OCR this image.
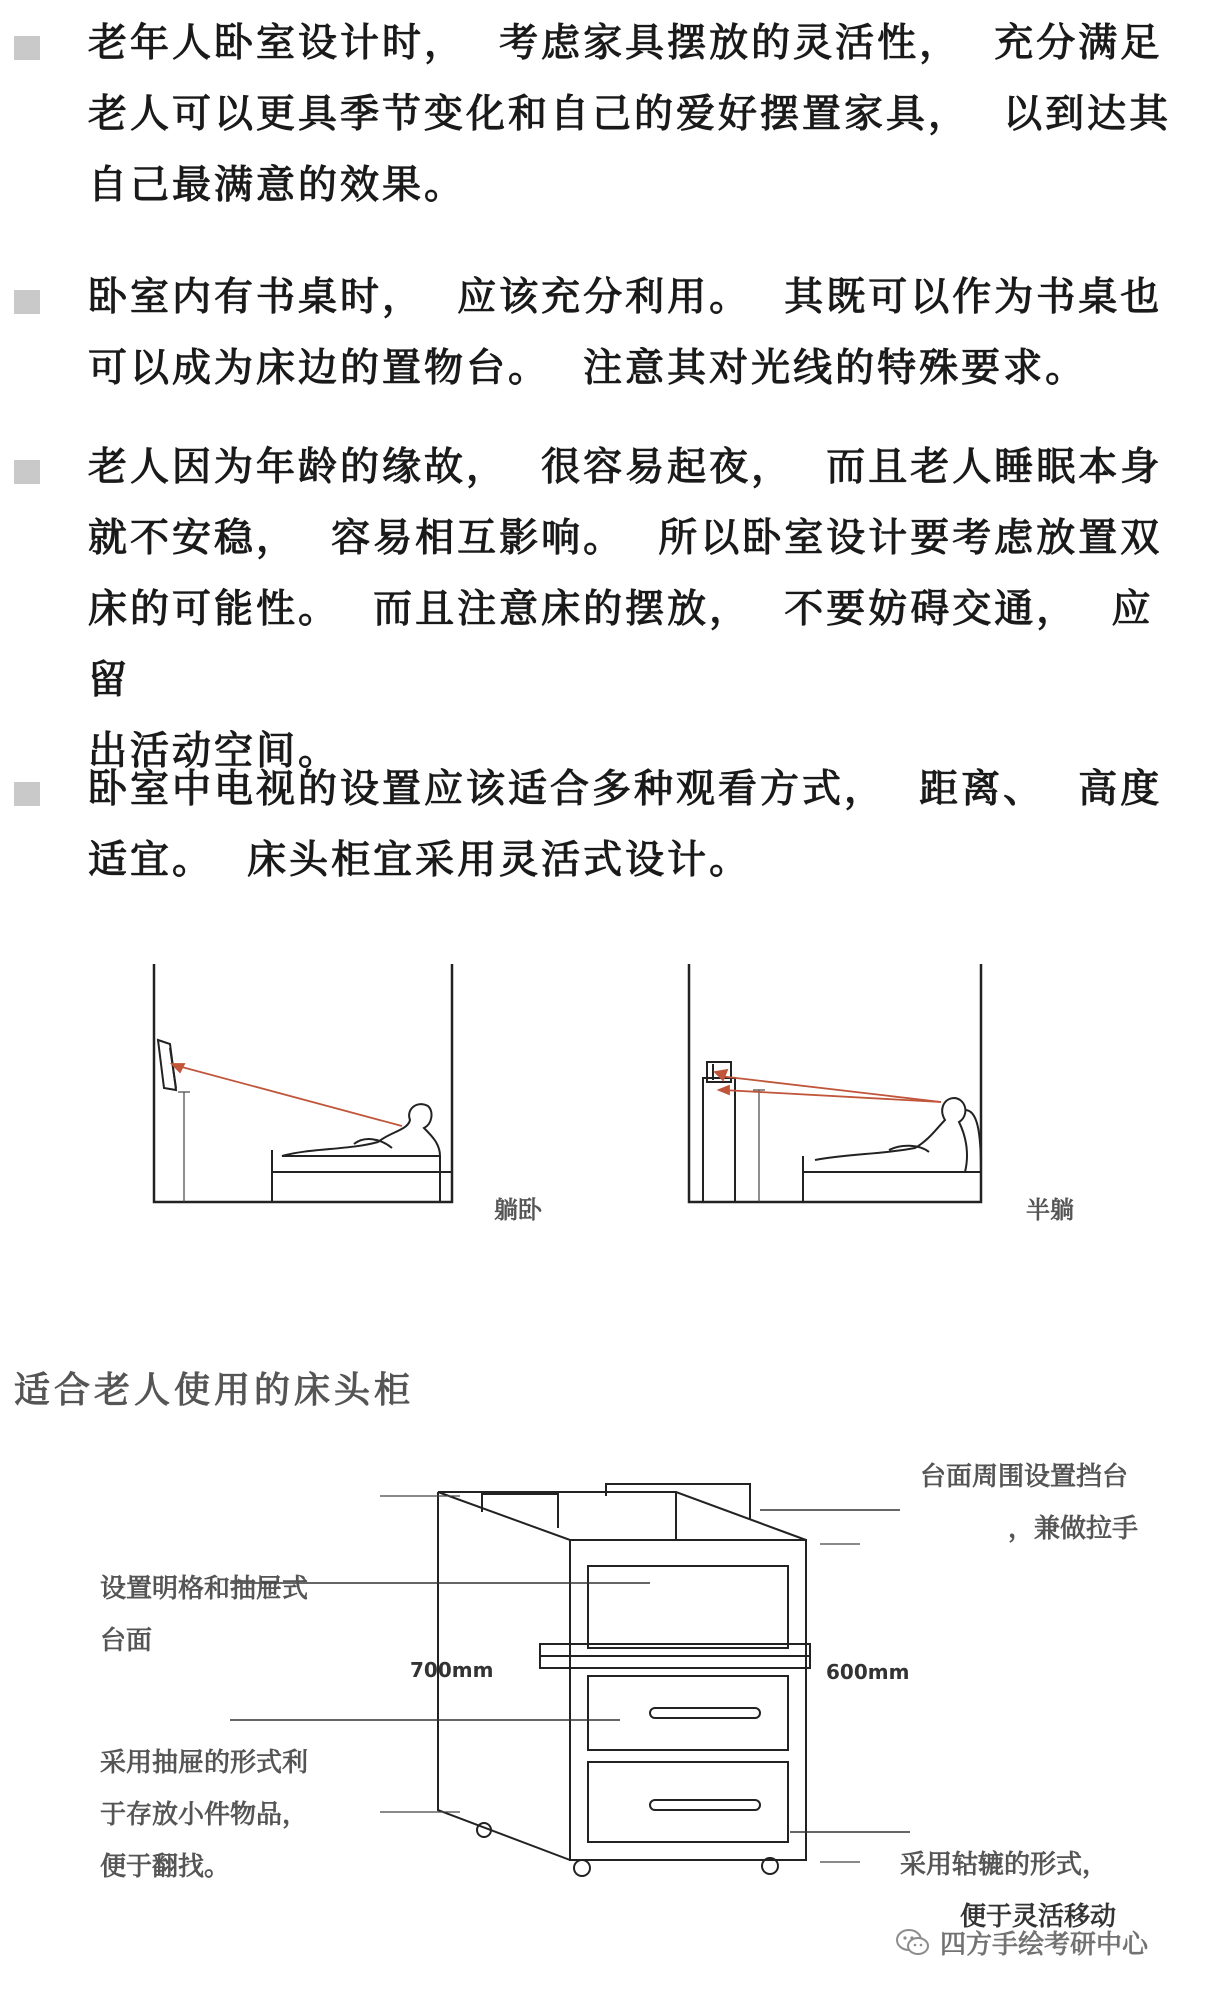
老年人卧室设计时，  考虑家具摆放的灵活性，  充分满足
老人可以更具季节变化和自己的爱好摆置家具，  以到达其
自己最满意的效果。
卧室内有书桌时，  应该充分利用。  其既可以作为书桌也
可以成为床边的置物台。  注意其对光线的特殊要求。
老人因为年龄的缘故，  很容易起夜，  而且老人睡眠本身
就不安稳，  容易相互影响。  所以卧室设计要考虑放置双
床的可能性。  而且注意床的摆放，  不要妨碍交通，  应留
出活动空间。
卧室中电视的设置应该适合多种观看方式，  距离、  高度
适宜。  床头柜宜采用灵活式设计。
躺卧	半躺
适合老人使用的床头柜
700mm	600mm
台面周围设置挡台
，兼做拉手
设置明格和抽屉式
台面
采用抽屉的形式利
于存放小件物品，
便于翻找。	采用轱辘的形式，
便于灵活移动
四方手绘考研中心
